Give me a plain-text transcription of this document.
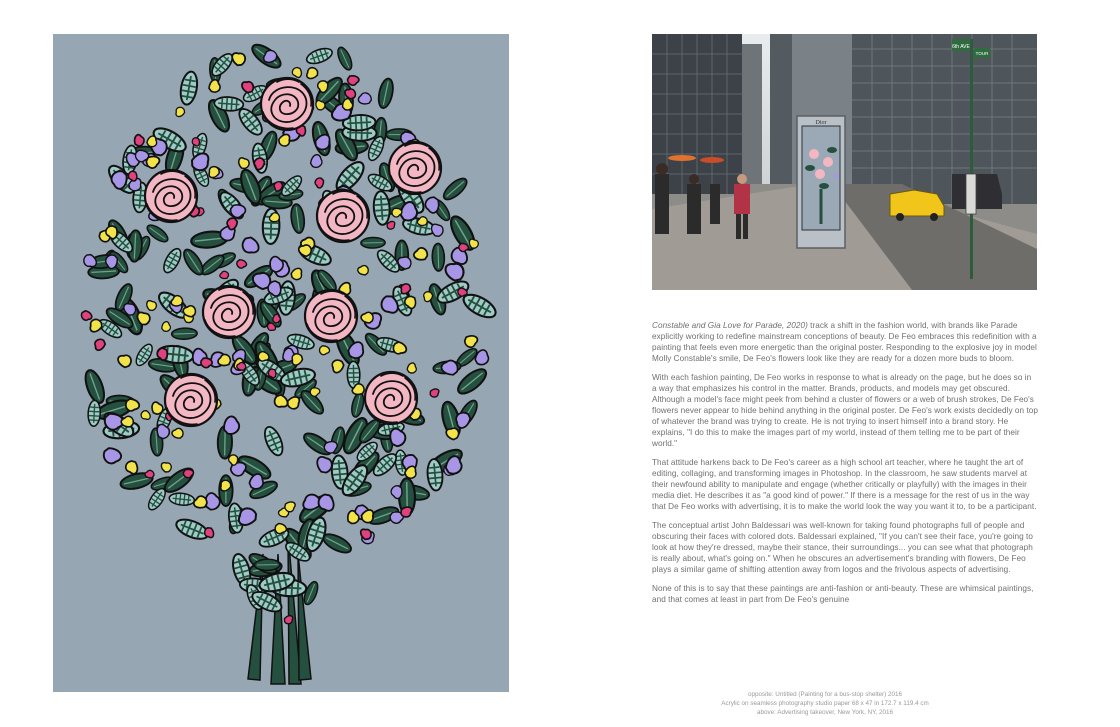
Dior
6th AVE
TOUR

Constable and Gia Love for Parade, 2020) track a shift in the fashion world, with brands like Parade explicitly working to redefine mainstream conceptions of beauty. De Feo embraces this redefinition with a painting that feels even more energetic than the original poster. Responding to the explosive joy in model Molly Constable's smile, De Feo's flowers look like they are ready for a dozen more buds to bloom.

With each fashion painting, De Feo works in response to what is already on the page, but he does so in a way that emphasizes his control in the matter. Brands, products, and models may get obscured. Although a model's face might peek from behind a cluster of flowers or a web of brush strokes, De Feo's flowers never appear to hide behind anything in the original poster. De Feo's work exists decidedly on top of whatever the brand was trying to create. He is not trying to insert himself into a brand story. He explains, "I do this to make the images part of my world, instead of them telling me to be part of their world."

That attitude harkens back to De Feo's career as a high school art teacher, where he taught the art of editing, collaging, and transforming images in Photoshop. In the classroom, he saw students marvel at their newfound ability to manipulate and engage (whether critically or playfully) with the images in their media diet. He describes it as "a good kind of power." If there is a message for the rest of us in the way that De Feo works with advertising, it is to make the world look the way you want it to, to be a participant.

The conceptual artist John Baldessari was well-known for taking found photographs full of people and obscuring their faces with colored dots. Baldessari explained, "If you can't see their face, you're going to look at how they're dressed, maybe their stance, their surroundings... you can see what that photograph is really about, what's going on." When he obscures an advertisement's branding with flowers, De Feo plays a similar game of shifting attention away from logos and the frivolous aspects of advertising.

None of this is to say that these paintings are anti-fashion or anti-beauty. These are whimsical paintings, and that comes at least in part from De Feo's genuine

opposite: Untitled (Painting for a bus-stop shelter) 2016
Acrylic on seamless photography studio paper 68 x 47 in 172.7 x 119.4 cm
above: Advertising takeover, New York, NY, 2016
